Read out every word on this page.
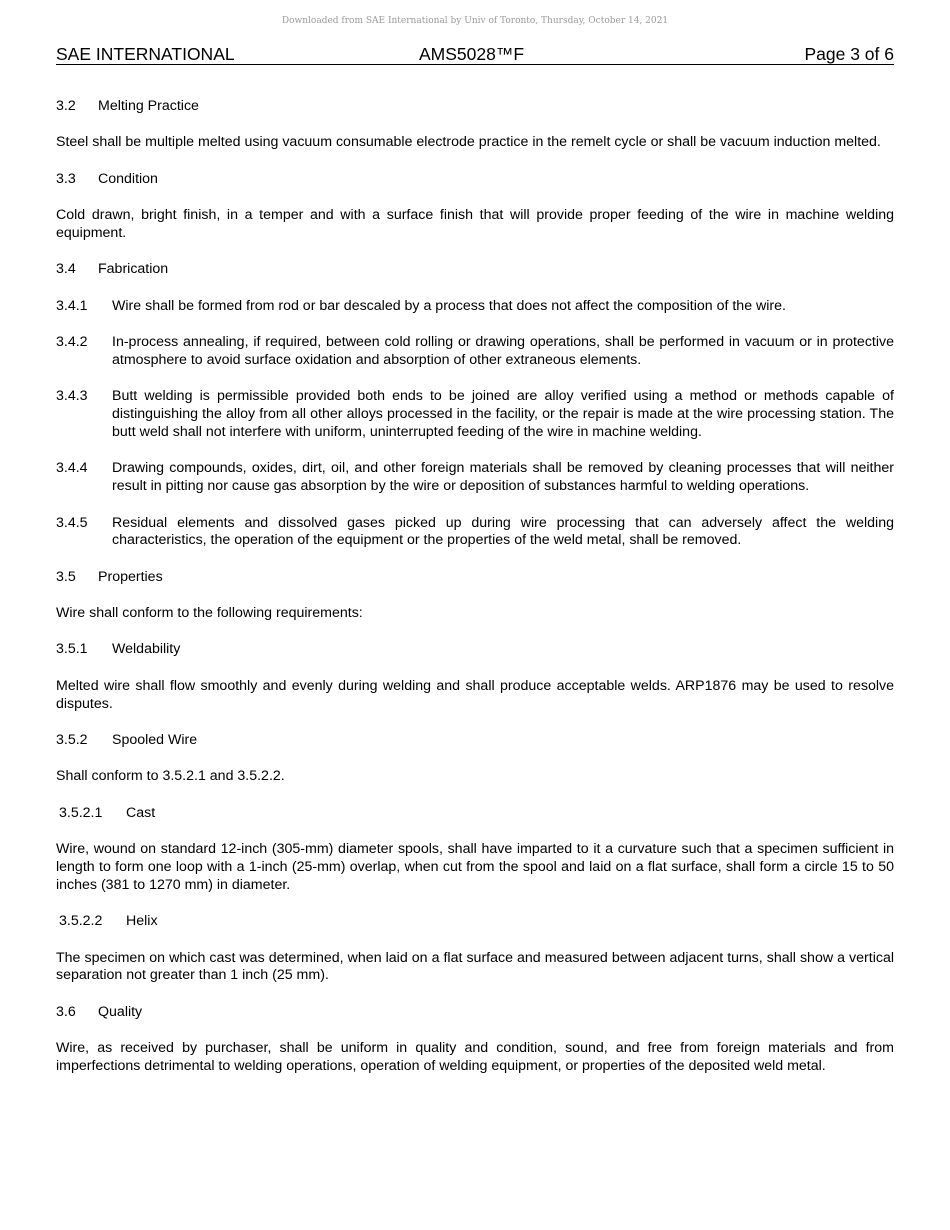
Downloaded from SAE International by Univ of Toronto, Thursday, October 14, 2021
SAE INTERNATIONAL	AMS5028™F	Page 3 of 6
3.2	Melting Practice

Steel shall be multiple melted using vacuum consumable electrode practice in the remelt cycle or shall be vacuum induction melted.

3.3	Condition

Cold drawn, bright finish, in a temper and with a surface finish that will provide proper feeding of the wire in machine welding equipment.

3.4	Fabrication
3.4.1	Wire shall be formed from rod or bar descaled by a process that does not affect the composition of the wire.
3.4.2	In-process annealing, if required, between cold rolling or drawing operations, shall be performed in vacuum or in protective atmosphere to avoid surface oxidation and absorption of other extraneous elements.
3.4.3	Butt welding is permissible provided both ends to be joined are alloy verified using a method or methods capable of distinguishing the alloy from all other alloys processed in the facility, or the repair is made at the wire processing station. The butt weld shall not interfere with uniform, uninterrupted feeding of the wire in machine welding.
3.4.4	Drawing compounds, oxides, dirt, oil, and other foreign materials shall be removed by cleaning processes that will neither result in pitting nor cause gas absorption by the wire or deposition of substances harmful to welding operations.
3.4.5	Residual elements and dissolved gases picked up during wire processing that can adversely affect the welding characteristics, the operation of the equipment or the properties of the weld metal, shall be removed.
3.5	Properties

Wire shall conform to the following requirements:

3.5.1	Weldability

Melted wire shall flow smoothly and evenly during welding and shall produce acceptable welds. ARP1876 may be used to resolve disputes.

3.5.2	Spooled Wire

Shall conform to 3.5.2.1 and 3.5.2.2.

3.5.2.1	Cast

Wire, wound on standard 12-inch (305-mm) diameter spools, shall have imparted to it a curvature such that a specimen sufficient in length to form one loop with a 1-inch (25-mm) overlap, when cut from the spool and laid on a flat surface, shall form a circle 15 to 50 inches (381 to 1270 mm) in diameter.

3.5.2.2	Helix

The specimen on which cast was determined, when laid on a flat surface and measured between adjacent turns, shall show a vertical separation not greater than 1 inch (25 mm).

3.6	Quality

Wire, as received by purchaser, shall be uniform in quality and condition, sound, and free from foreign materials and from imperfections detrimental to welding operations, operation of welding equipment, or properties of the deposited weld metal.
